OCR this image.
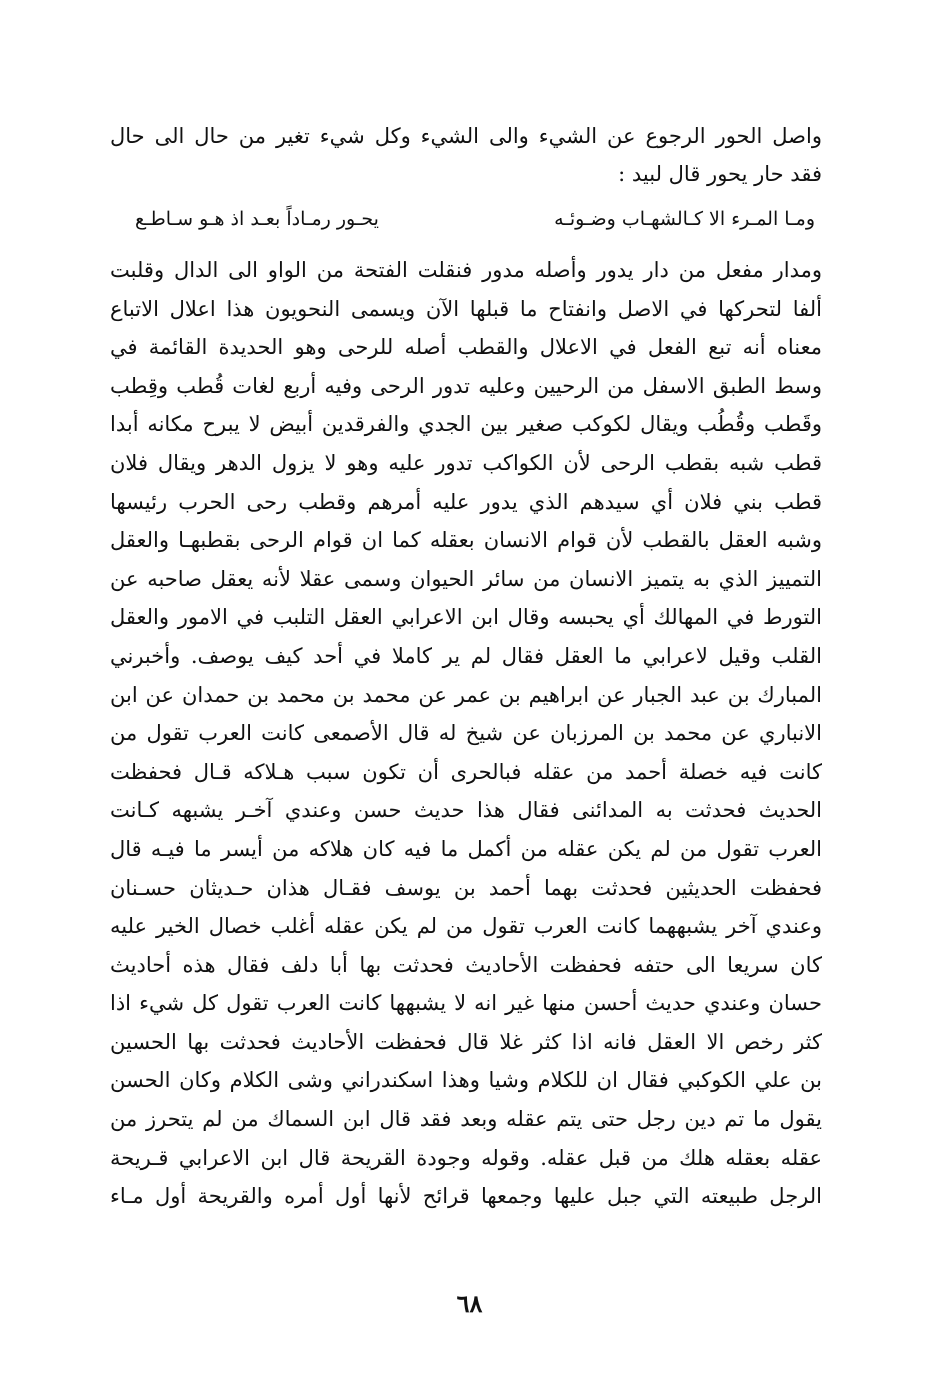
واصل الحور الرجوع عن الشيء والى الشيء وكل شيء تغير من حال الى حال
فقد حار يحور قال لبيد :
ومـا المـرء الا كـالشهـاب وضـوئـه
يحـور رمـاداً بعـد اذ هـو سـاطـع
ومدار مفعل من دار يدور وأصله مدور فنقلت الفتحة من الواو الى الدال وقلبت
ألفا لتحركها في الاصل وانفتاح ما قبلها الآن ويسمى النحويون هذا اعلال الاتباع
معناه أنه تبع الفعل في الاعلال والقطب أصله للرحى وهو الحديدة القائمة في
وسط الطبق الاسفل من الرحيين وعليه تدور الرحى وفيه أربع لغات قُطب وقِطب
وقَطب وقُطُب ويقال لكوكب صغير بين الجدي والفرقدين أبيض لا يبرح مكانه أبدا
قطب شبه بقطب الرحى لأن الكواكب تدور عليه وهو لا يزول الدهر ويقال فلان
قطب بني فلان أي سيدهم الذي يدور عليه أمرهم وقطب رحى الحرب رئيسها
وشبه العقل بالقطب لأن قوام الانسان بعقله كما ان قوام الرحى بقطبهـا والعقل
التمييز الذي به يتميز الانسان من سائر الحيوان وسمى عقلا لأنه يعقل صاحبه عن
التورط في المهالك أي يحبسه وقال ابن الاعرابي العقل التلبب في الامور والعقل
القلب وقيل لاعرابي ما العقل فقال لم ير كاملا في أحد كيف يوصف. وأخبرني
المبارك بن عبد الجبار عن ابراهيم بن عمر عن محمد بن محمد بن حمدان عن ابن
الانباري عن محمد بن المرزبان عن شيخ له قال الأصمعى كانت العرب تقول من
كانت فيه خصلة أحمد من عقله فبالحرى أن تكون سبب هـلاكه قـال فحفظت
الحديث فحدثت به المدائنى فقال هذا حديث حسن وعندي آخـر يشبهه كـانت
العرب تقول من لم يكن عقله من أكمل ما فيه كان هلاكه من أيسر ما فيـه قال
فحفظت الحديثين فحدثت بهما أحمد بن يوسف فقـال هذان حـديثان حسـنان
وعندي آخر يشبههما كانت العرب تقول من لم يكن عقله أغلب خصال الخير عليه
كان سريعا الى حتفه فحفظت الأحاديث فحدثت بها أبا دلف فقال هذه أحاديث
حسان وعندي حديث أحسن منها غير انه لا يشبهها كانت العرب تقول كل شيء اذا
كثر رخص الا العقل فانه اذا كثر غلا قال فحفظت الأحاديث فحدثت بها الحسين
بن علي الكوكبي فقال ان للكلام وشيا وهذا اسكندراني وشى الكلام وكان الحسن
يقول ما تم دين رجل حتى يتم عقله وبعد فقد قال ابن السماك من لم يتحرز من
عقله بعقله هلك من قبل عقله. وقوله وجودة القريحة قال ابن الاعرابي قـريحة
الرجل طبيعته التي جبل عليها وجمعها قرائح لأنها أول أمره والقريحة أول مـاء
٦٨
